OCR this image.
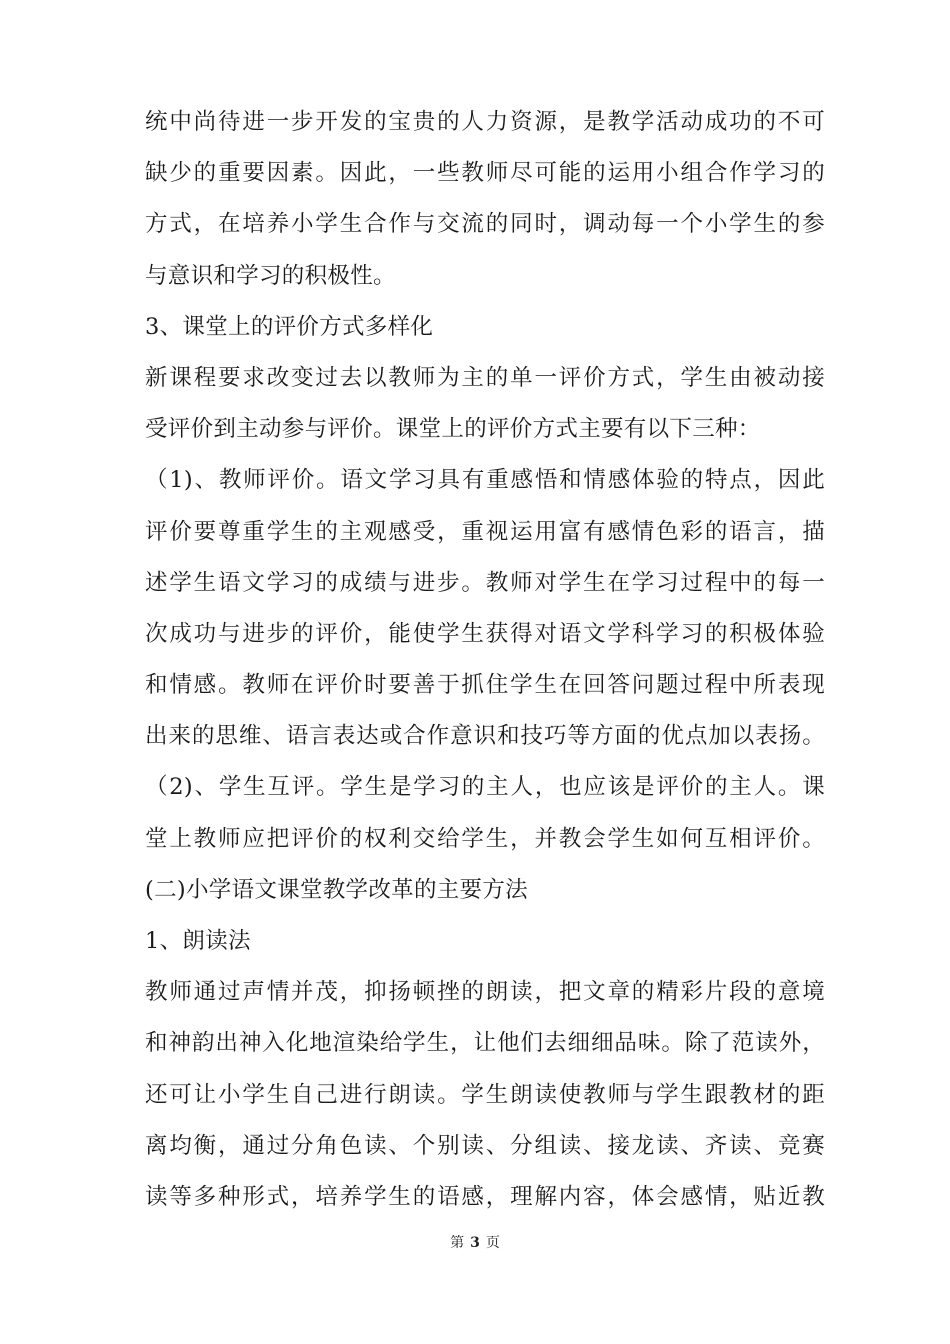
统中尚待进一步开发的宝贵的人力资源，是教学活动成功的不可
缺少的重要因素。因此，一些教师尽可能的运用小组合作学习的
方式，在培养小学生合作与交流的同时，调动每一个小学生的参
与意识和学习的积极性。
3、课堂上的评价方式多样化
新课程要求改变过去以教师为主的单一评价方式，学生由被动接
受评价到主动参与评价。课堂上的评价方式主要有以下三种：
（1)、教师评价。语文学习具有重感悟和情感体验的特点，因此
评价要尊重学生的主观感受，重视运用富有感情色彩的语言，描
述学生语文学习的成绩与进步。教师对学生在学习过程中的每一
次成功与进步的评价，能使学生获得对语文学科学习的积极体验
和情感。教师在评价时要善于抓住学生在回答问题过程中所表现
出来的思维、语言表达或合作意识和技巧等方面的优点加以表扬。
（2)、学生互评。学生是学习的主人，也应该是评价的主人。课
堂上教师应把评价的权利交给学生，并教会学生如何互相评价。
(二)小学语文课堂教学改革的主要方法
1、朗读法
教师通过声情并茂，抑扬顿挫的朗读，把文章的精彩片段的意境
和神韵出神入化地渲染给学生，让他们去细细品味。除了范读外，
还可让小学生自己进行朗读。学生朗读使教师与学生跟教材的距
离均衡，通过分角色读、个别读、分组读、接龙读、齐读、竞赛
读等多种形式，培养学生的语感，理解内容，体会感情，贴近教
第 3 页
